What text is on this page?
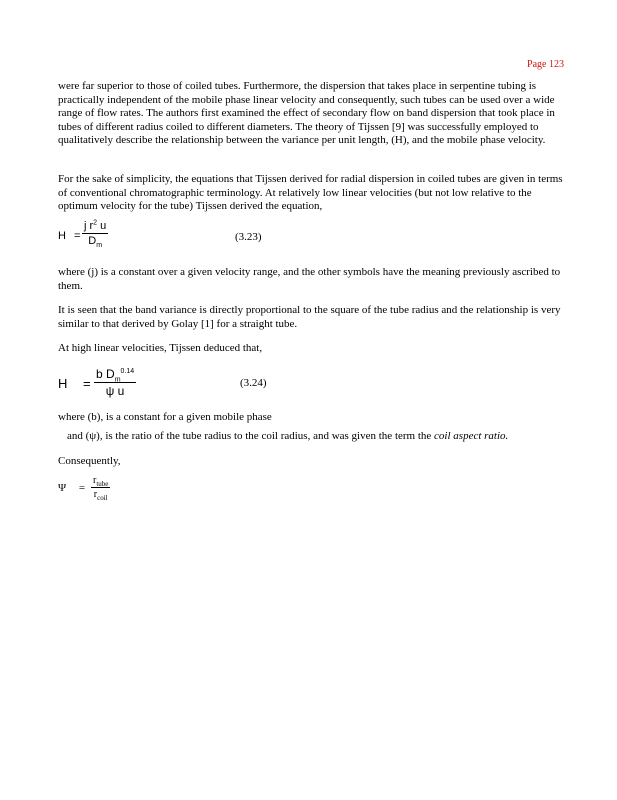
Page 123

were far superior to those of coiled tubes. Furthermore, the dispersion that takes place in serpentine tubing is practically independent of the mobile phase linear velocity and consequently, such tubes can be used over a wide range of flow rates. The authors first examined the effect of secondary flow on band dispersion that took place in tubes of different radius coiled to different diameters. The theory of Tijssen [9] was successfully employed to qualitatively describe the relationship between the variance per unit length, (H), and the mobile phase velocity.

For the sake of simplicity, the equations that Tijssen derived for radial dispersion in coiled tubes are given in terms of conventional chromatographic terminology. At relatively low linear velocities (but not low relative to the optimum velocity for the tube) Tijssen derived the equation,

$H = \frac{j r^2 u}{D_m}$	(3.23)

where (j) is a constant over a given velocity range, and the other symbols have the meaning previously ascribed to them.

It is seen that the band variance is directly proportional to the square of the tube radius and the relationship is very similar to that derived by Golay [1] for a straight tube.

At high linear velocities, Tijssen deduced that,

$H = \frac{b D_m^{0.14}}{\text{ψ u}}$	(3.24)

where (b), is a constant for a given mobile phase

and (ψ), is the ratio of the tube radius to the coil radius, and was given the term the coil aspect ratio.

Consequently,

Ψ =
$r_{tube}$
$r_{coil}$
